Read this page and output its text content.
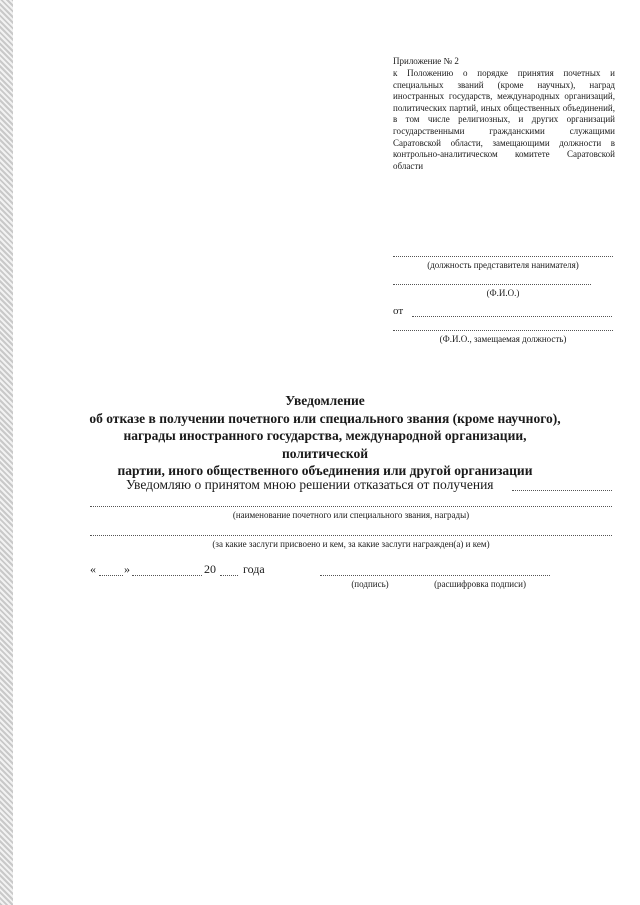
Приложение № 2
к Положению о порядке принятия почетных и специальных званий (кроме научных), наград иностранных государств, международных организаций, политических партий, иных общественных объединений, в том числе религиозных, и других организаций государственными гражданскими служащими Саратовской области, замещающими должности в контрольно-аналитическом комитете Саратовской области
(должность представителя нанимателя)
(Ф.И.О.)
от
(Ф.И.О., замещаемая должность)
Уведомление
об отказе в получении почетного или специального звания (кроме научного),
награды иностранного государства, международной организации, политической
партии, иного общественного объединения или другой организации
Уведомляю о принятом мною решении отказаться от получения
(наименование почетного или специального звания, награды)
(за какие заслуги присвоено и кем, за какие заслуги награжден(а) и кем)
« »	20 года
(подпись)	(расшифровка подписи)
